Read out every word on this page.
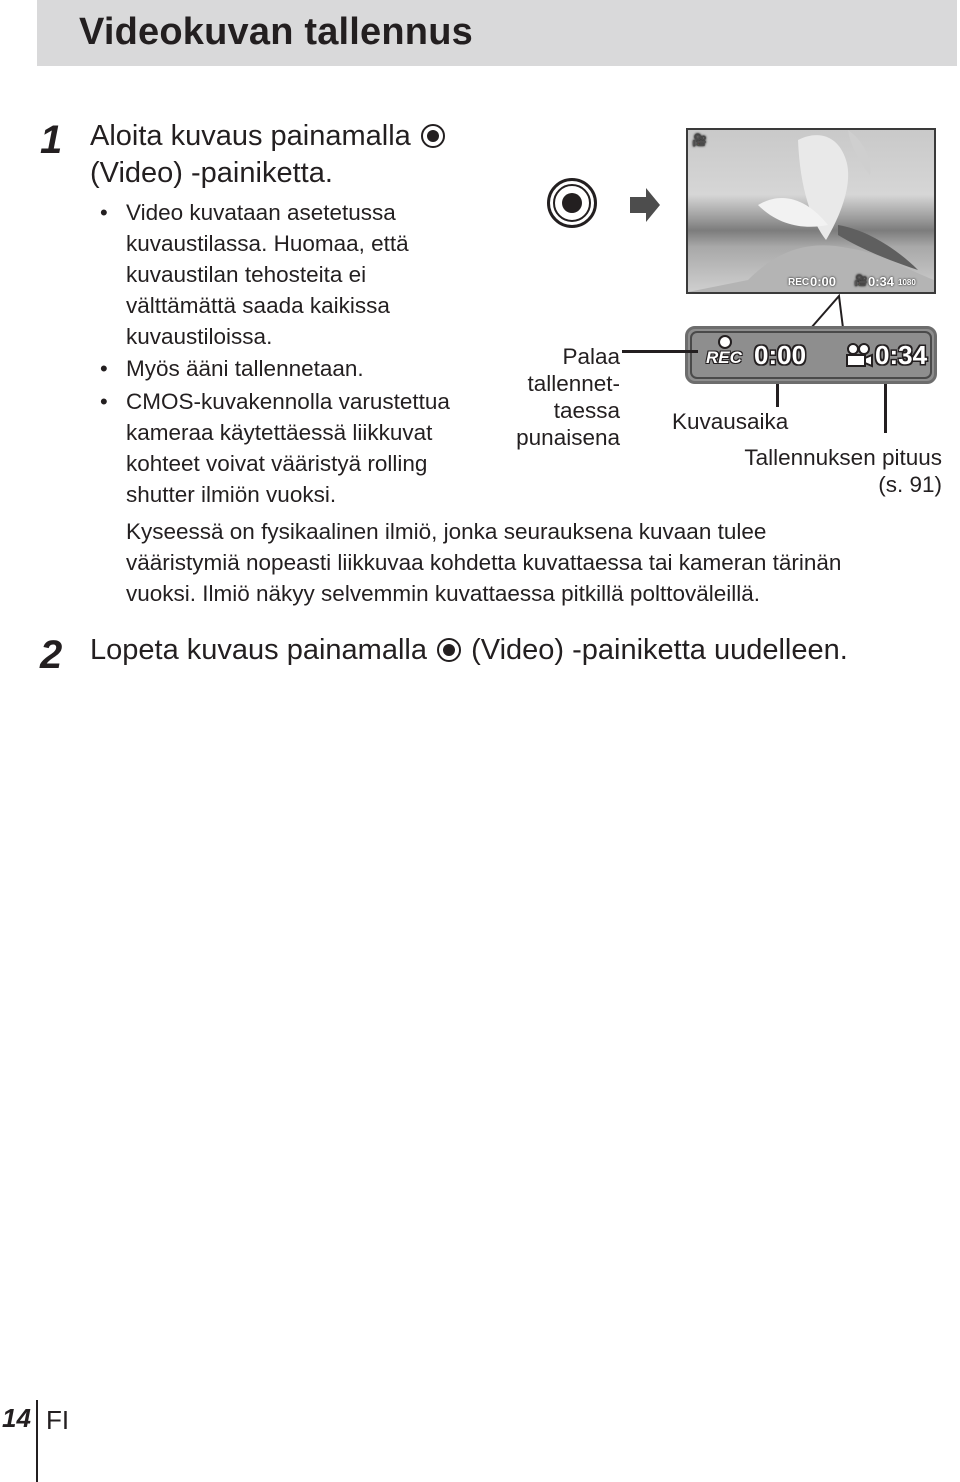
Videokuvan tallennus
1 Aloita kuvaus painamalla
(Video) -painiketta.
• Video kuvataan asetetussa
kuvaustilassa. Huomaa, että
kuvaustilan tehosteita ei
välttämättä saada kaikissa
kuvaustiloissa.
• Myös ääni tallennetaan.
• CMOS-kuvakennolla varustettua
kameraa käytettäessä liikkuvat
kohteet voivat vääristyä rolling
shutter ilmiön vuoksi.
Kyseessä on fysikaalinen ilmiö, jonka seurauksena kuvaan tulee
vääristymiä nopeasti liikkuvaa kohdetta kuvattaessa tai kameran tärinän
vuoksi. Ilmiö näkyy selvemmin kuvattaessa pitkillä polttoväleillä.
2 Lopeta kuvaus painamalla (Video) -painiketta uudelleen.
🎥
REC 0:00 🎥 0:34 1080
REC 0:00	0:34
Palaa
tallennet-
taessa
punaisena
Kuvausaika
Tallennuksen pituus
(s. 91)
14 FI
